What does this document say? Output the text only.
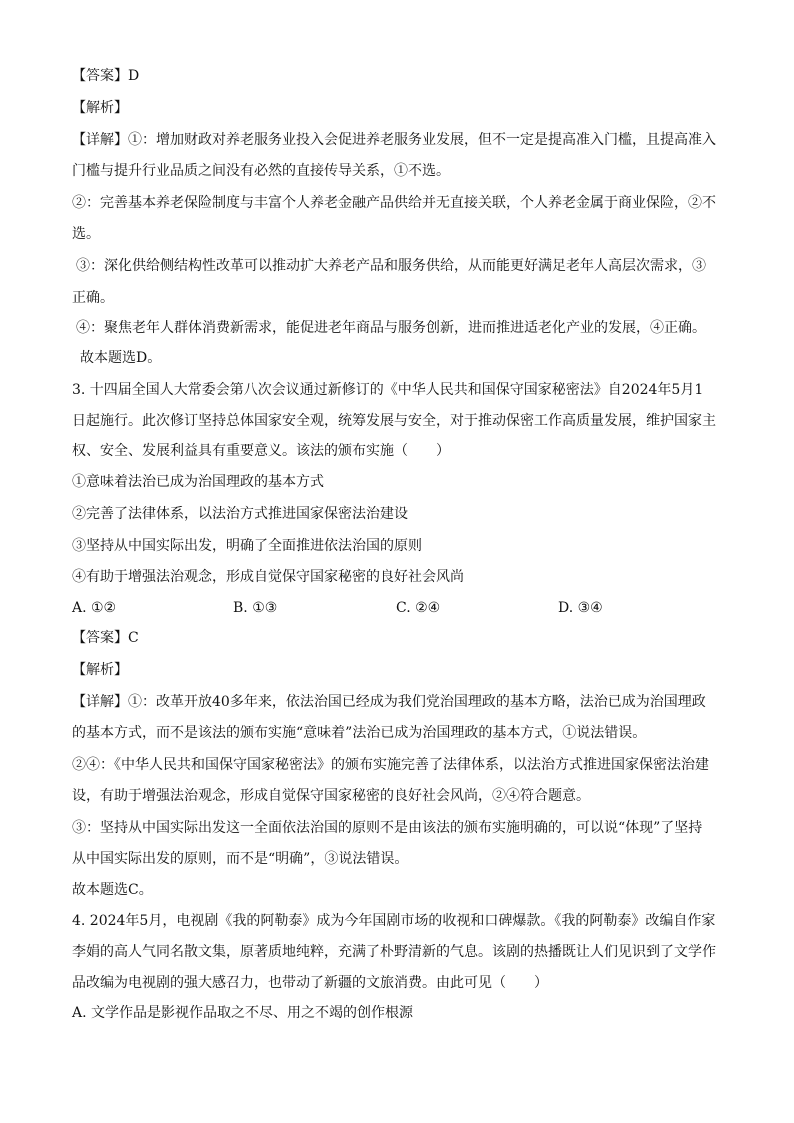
【答案】D
【解析】
【详解】①：增加财政对养老服务业投入会促进养老服务业发展，但不一定是提高准入门槛，且提高准入
门槛与提升行业品质之间没有必然的直接传导关系，①不选。
②：完善基本养老保险制度与丰富个人养老金融产品供给并无直接关联，个人养老金属于商业保险，②不
选。
③：深化供给侧结构性改革可以推动扩大养老产品和服务供给，从而能更好满足老年人高层次需求，③
正确。
④：聚焦老年人群体消费新需求，能促进老年商品与服务创新，进而推进适老化产业的发展，④正确。
故本题选D。
3. 十四届全国人大常委会第八次会议通过新修订的《中华人民共和国保守国家秘密法》自2024年5月1
日起施行。此次修订坚持总体国家安全观，统筹发展与安全，对于推动保密工作高质量发展，维护国家主
权、安全、发展利益具有重要意义。该法的颁布实施（　　）
①意味着法治已成为治国理政的基本方式
②完善了法律体系，以法治方式推进国家保密法治建设
③坚持从中国实际出发，明确了全面推进依法治国的原则
④有助于增强法治观念，形成自觉保守国家秘密的良好社会风尚
A. ①②	B. ①③	C. ②④	D. ③④
【答案】C
【解析】
【详解】①：改革开放40多年来，依法治国已经成为我们党治国理政的基本方略，法治已成为治国理政
的基本方式，而不是该法的颁布实施“意味着”法治已成为治国理政的基本方式，①说法错误。
②④：《中华人民共和国保守国家秘密法》的颁布实施完善了法律体系，以法治方式推进国家保密法治建
设，有助于增强法治观念，形成自觉保守国家秘密的良好社会风尚，②④符合题意。
③：坚持从中国实际出发这一全面依法治国的原则不是由该法的颁布实施明确的，可以说“体现”了坚持
从中国实际出发的原则，而不是“明确”，③说法错误。
故本题选C。
4. 2024年5月，电视剧《我的阿勒泰》成为今年国剧市场的收视和口碑爆款。《我的阿勒泰》改编自作家
李娟的高人气同名散文集，原著质地纯粹，充满了朴野清新的气息。该剧的热播既让人们见识到了文学作
品改编为电视剧的强大感召力，也带动了新疆的文旅消费。由此可见（　　）
A. 文学作品是影视作品取之不尽、用之不竭的创作根源
